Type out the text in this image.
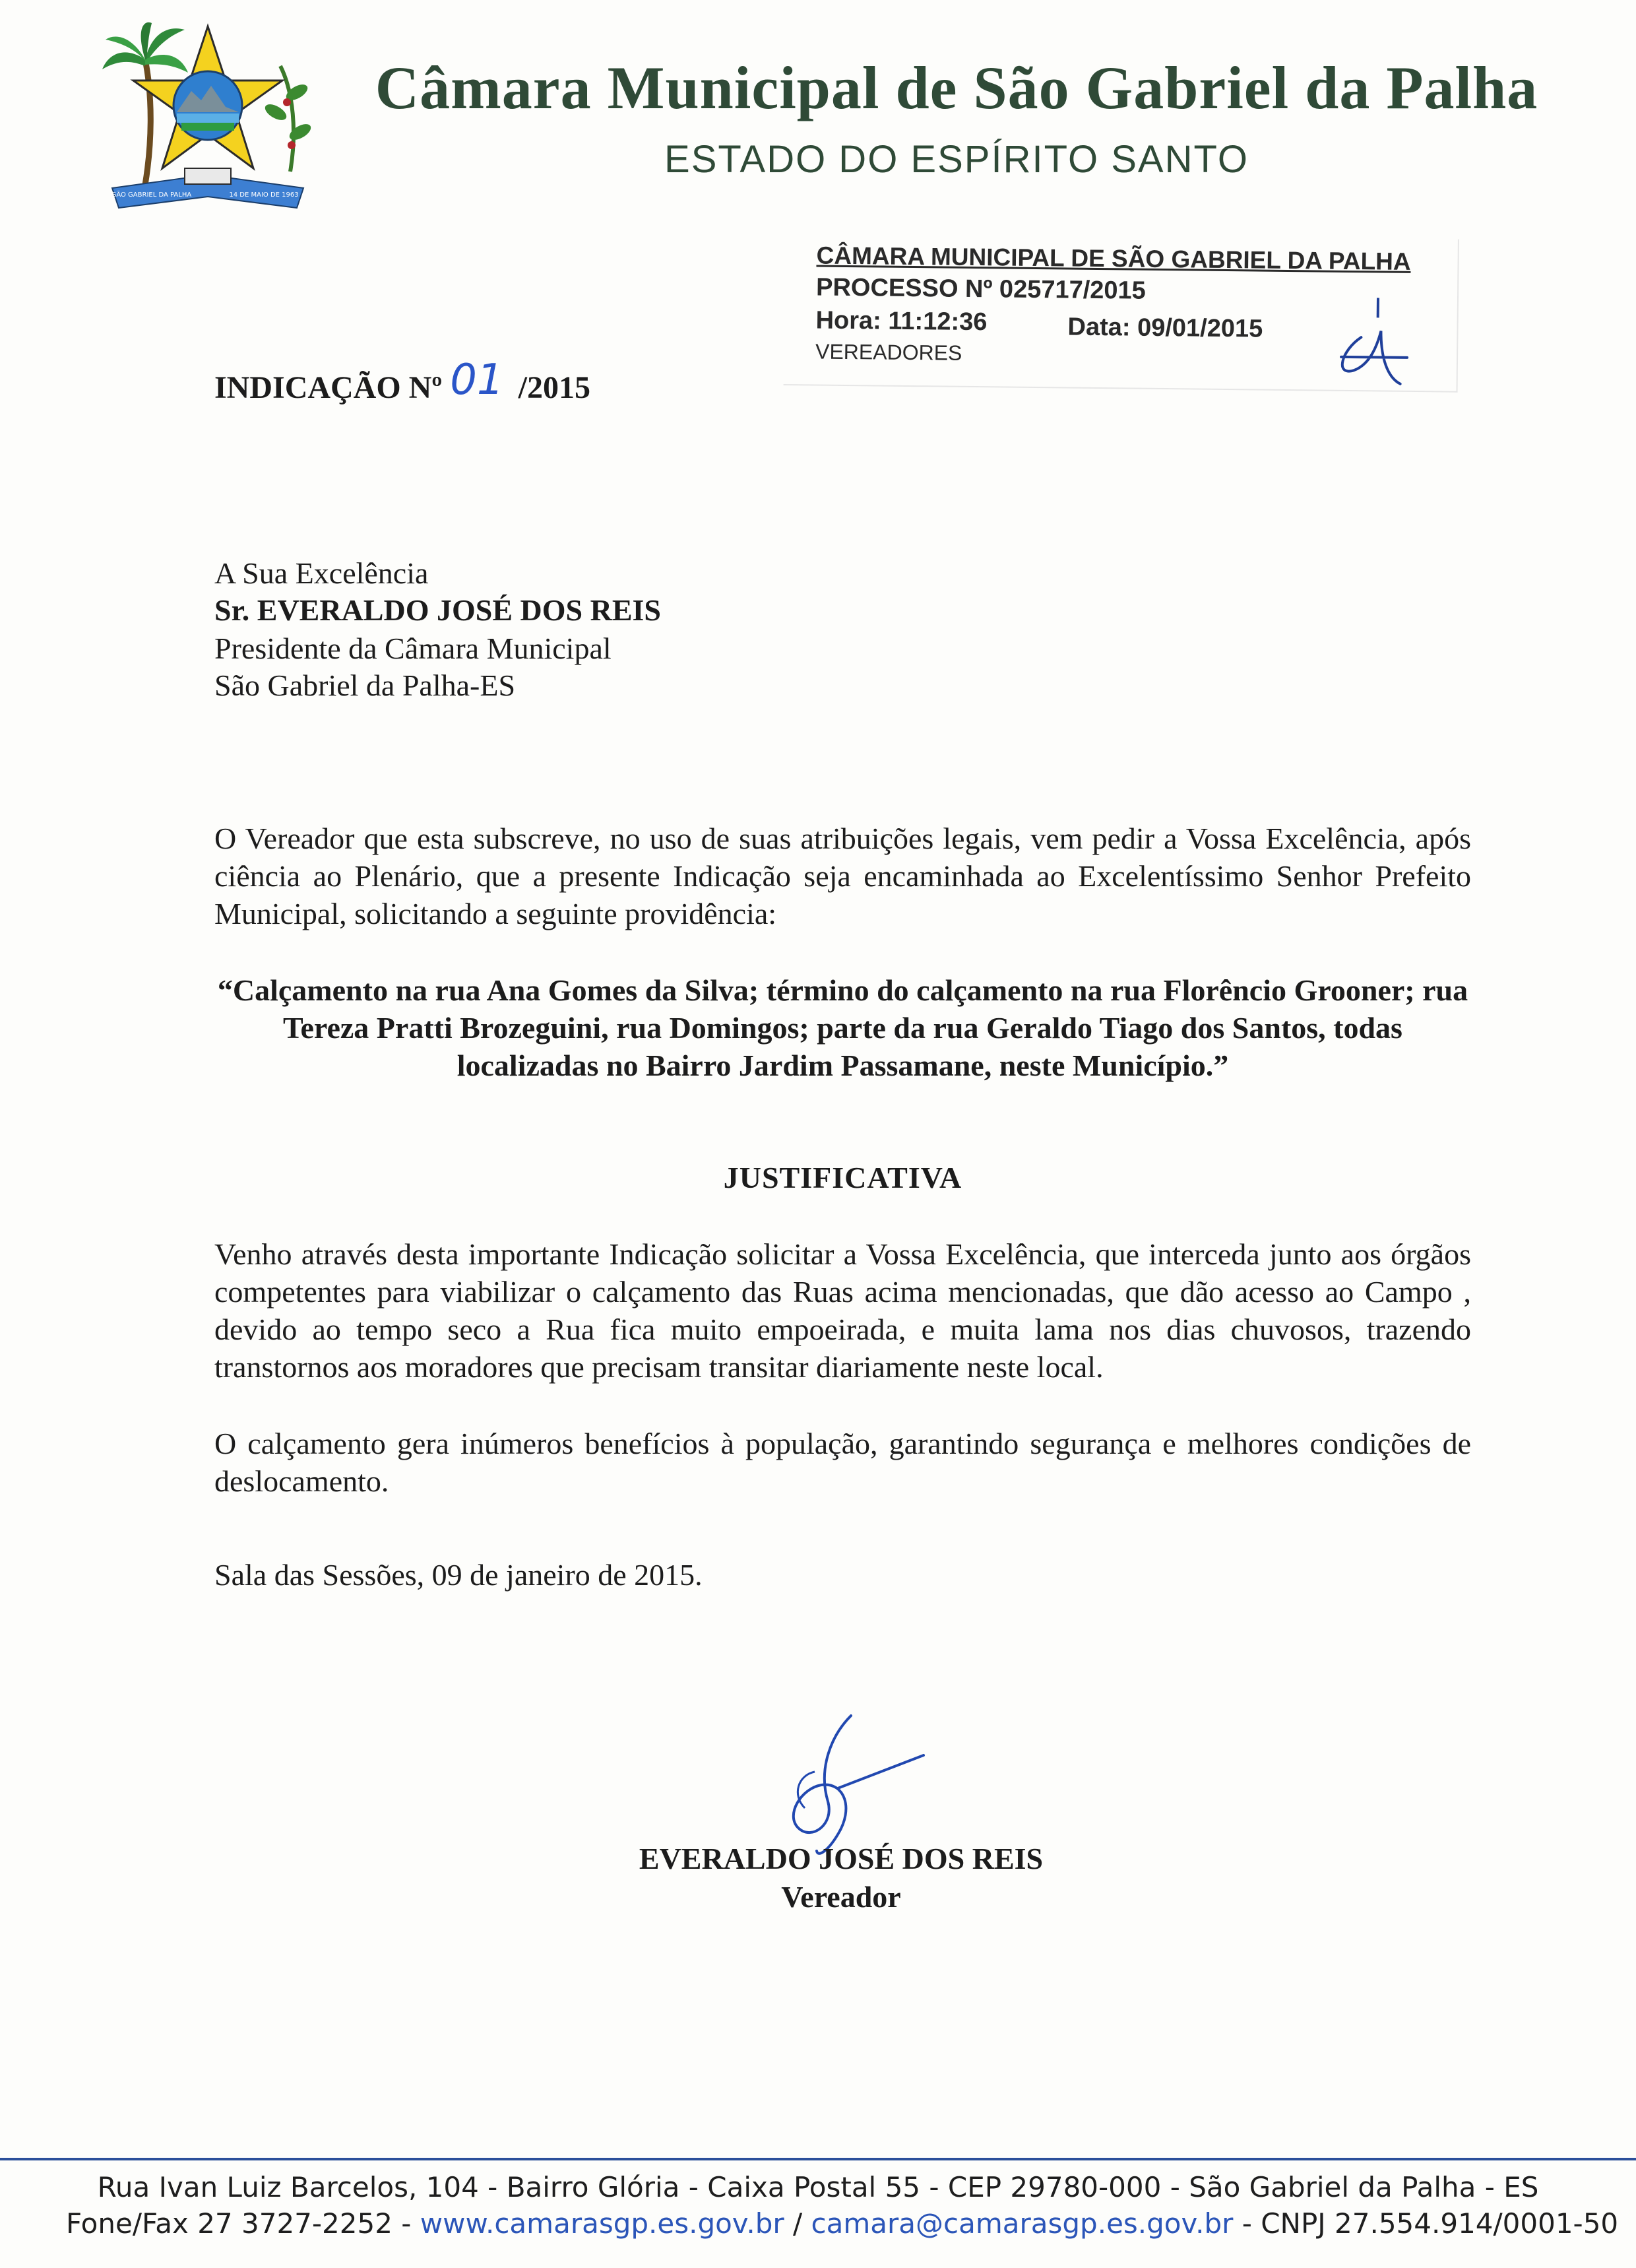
SÃO GABRIEL DA PALHA	14 DE MAIO DE 1963
Câmara Municipal de São Gabriel da Palha
ESTADO DO ESPÍRITO SANTO
CÂMARA MUNICIPAL DE SÃO GABRIEL DA PALHA
PROCESSO Nº 025717/2015
Hora: 11:12:36	Data: 09/01/2015
VEREADORES
INDICAÇÃO Nº 01 /2015
A Sua Excelência
Sr. EVERALDO JOSÉ DOS REIS
Presidente da Câmara Municipal
São Gabriel da Palha-ES
O Vereador que esta subscreve, no uso de suas atribuições legais, vem pedir a Vossa Excelência, após ciência ao Plenário, que a presente Indicação seja encaminhada ao Excelentíssimo Senhor Prefeito Municipal, solicitando a seguinte providência:
“Calçamento na rua Ana Gomes da Silva; término do calçamento na rua Florêncio Grooner; rua Tereza Pratti Brozeguini, rua Domingos; parte da rua Geraldo Tiago dos Santos, todas localizadas no Bairro Jardim Passamane, neste Município.”
JUSTIFICATIVA
Venho através desta importante Indicação solicitar a Vossa Excelência, que interceda junto aos órgãos competentes para viabilizar o calçamento das Ruas acima mencionadas, que dão acesso ao Campo , devido ao tempo seco a Rua fica muito empoeirada, e muita lama nos dias chuvosos, trazendo transtornos aos moradores que precisam transitar diariamente neste local.
O calçamento gera inúmeros benefícios à população, garantindo segurança e melhores condições de deslocamento.
Sala das Sessões, 09 de janeiro de 2015.
EVERALDO JOSÉ DOS REIS
Vereador
Rua Ivan Luiz Barcelos, 104 - Bairro Glória - Caixa Postal 55 - CEP 29780-000 - São Gabriel da Palha - ES
Fone/Fax 27 3727-2252 - www.camarasgp.es.gov.br / camara@camarasgp.es.gov.br - CNPJ 27.554.914/0001-50
